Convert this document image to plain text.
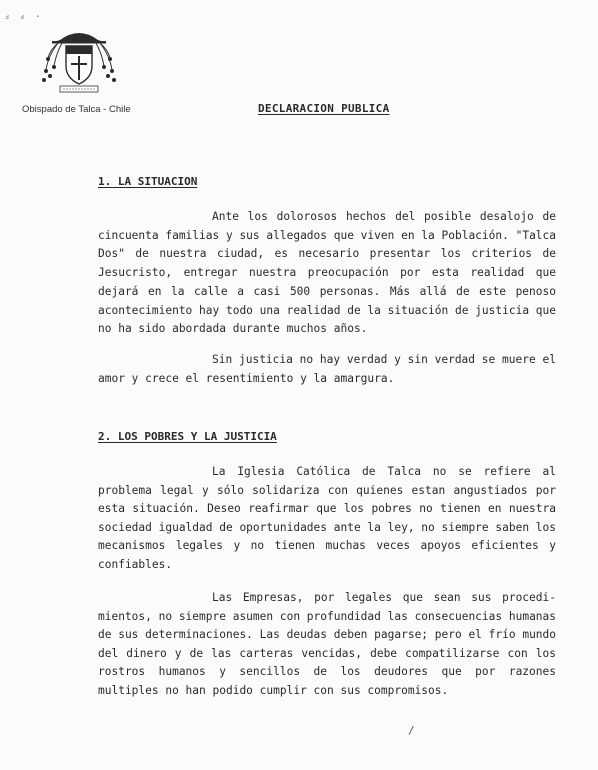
⸗ ⸗ ·
Obispado de Talca - Chile	DECLARACION PUBLICA
1. LA SITUACION

Ante los dolorosos hechos del posible desalojo de cincuenta familias y sus allegados que viven en la Población. "Talca Dos" de nuestra ciudad, es necesario presentar los criterios de Jesucristo, entregar nuestra preocupación por esta realidad que dejará en la calle a casi 500 personas. Más allá de este penoso acontecimiento hay todo una realidad de la situación de justicia que no ha sido abordada durante muchos años.

Sin justicia no hay verdad y sin verdad se muere el amor y crece el resentimiento y la amargura.

2. LOS POBRES Y LA JUSTICIA

La Iglesia Católica de Talca no se refiere al problema legal y sólo solidariza con quienes estan angustiados por esta situación. Deseo reafirmar que los pobres no tienen en nuestra sociedad igualdad de oportunidades ante la ley, no siempre saben los mecanismos legales y no tienen muchas veces apoyos eficientes y confiables.

Las Empresas, por legales que sean sus procedi-mientos, no siempre asumen con profundidad las consecuencias humanas de sus determinaciones. Las deudas deben pagarse; pero el frío mundo del dinero y de las carteras vencidas, debe compatilizarse con los rostros humanos y sencillos de los deudores que por razones multiples no han podido cumplir con sus compromisos.

/
